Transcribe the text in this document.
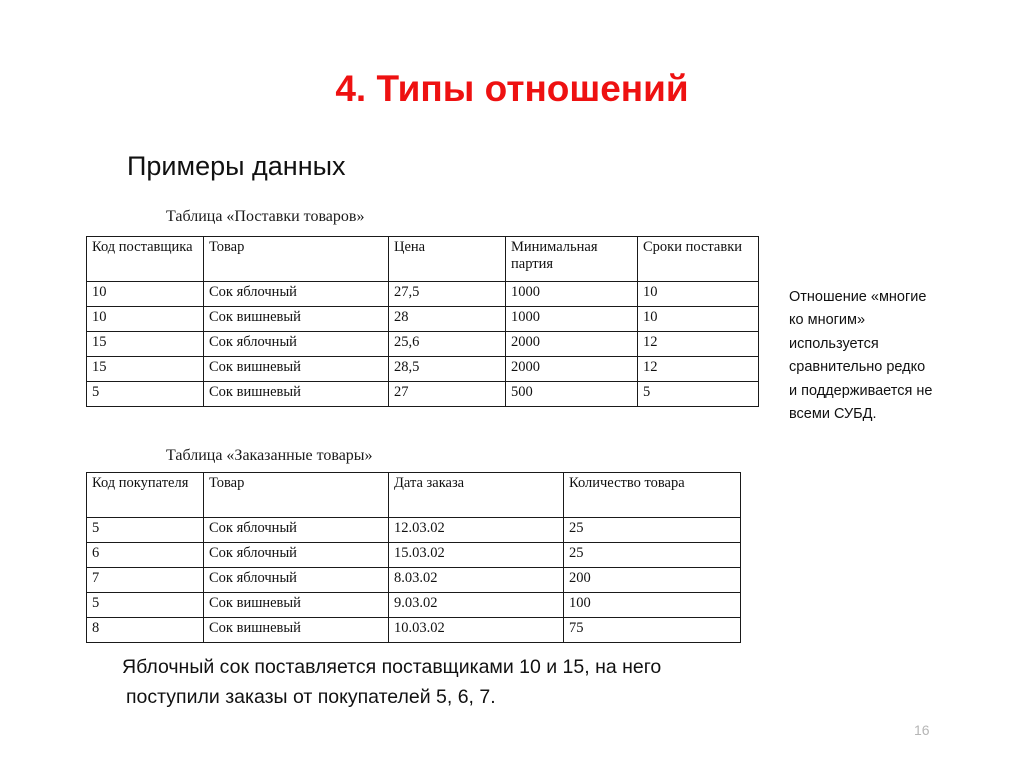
4. Типы отношений
Примеры данных
Таблица «Поставки товаров»
Код поставщика	Товар	Цена	Минимальная партия	Сроки поставки
10	Сок яблочный	27,5	1000	10
10	Сок вишневый	28	1000	10
15	Сок яблочный	25,6	2000	12
15	Сок вишневый	28,5	2000	12
5	Сок вишневый	27	500	5
Отношение «многие
ко многим»
используется
сравнительно редко
и поддерживается не
всеми СУБД.
Таблица «Заказанные товары»
Код покупателя	Товар	Дата заказа	Количество товара
5	Сок яблочный	12.03.02	25
6	Сок яблочный	15.03.02	25
7	Сок яблочный	8.03.02	200
5	Сок вишневый	9.03.02	100
8	Сок вишневый	10.03.02	75
Яблочный сок поставляется поставщиками 10 и 15, на него
поступили заказы от покупателей 5, 6, 7.
16
